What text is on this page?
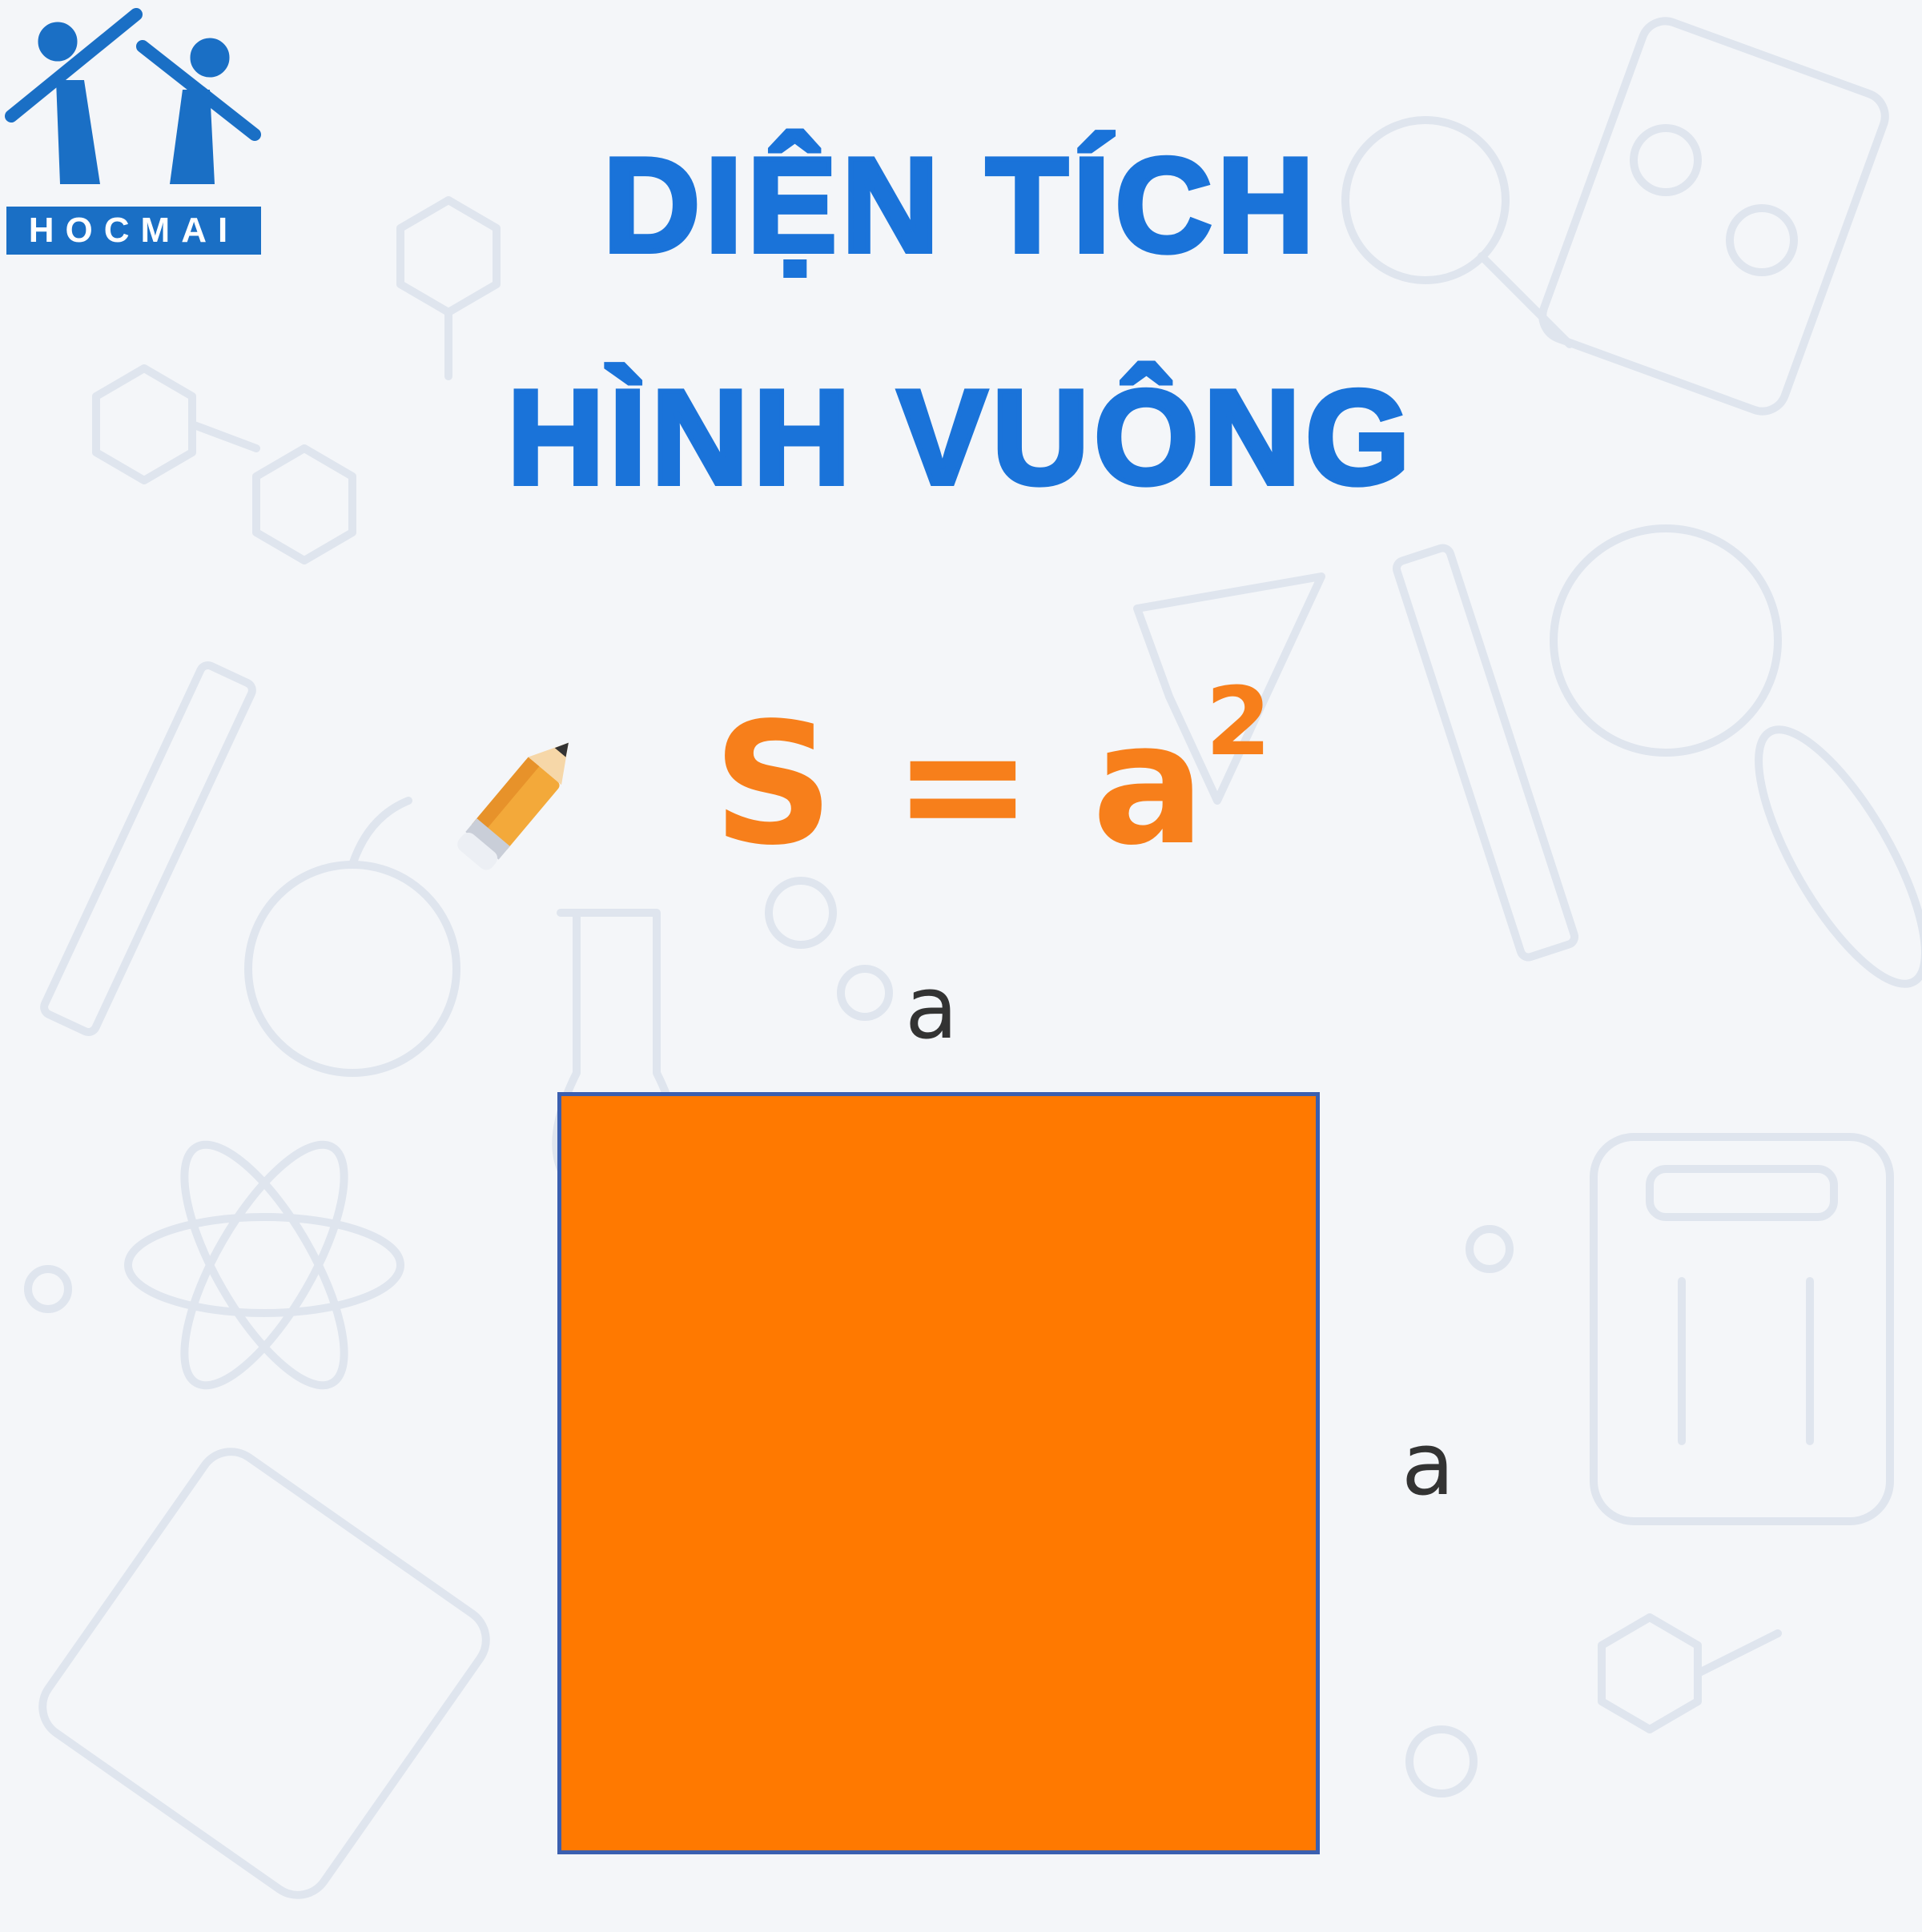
HOCMAI	DIỆN TÍCH
HÌNH VUÔNG
$S = a^2$
a
a
